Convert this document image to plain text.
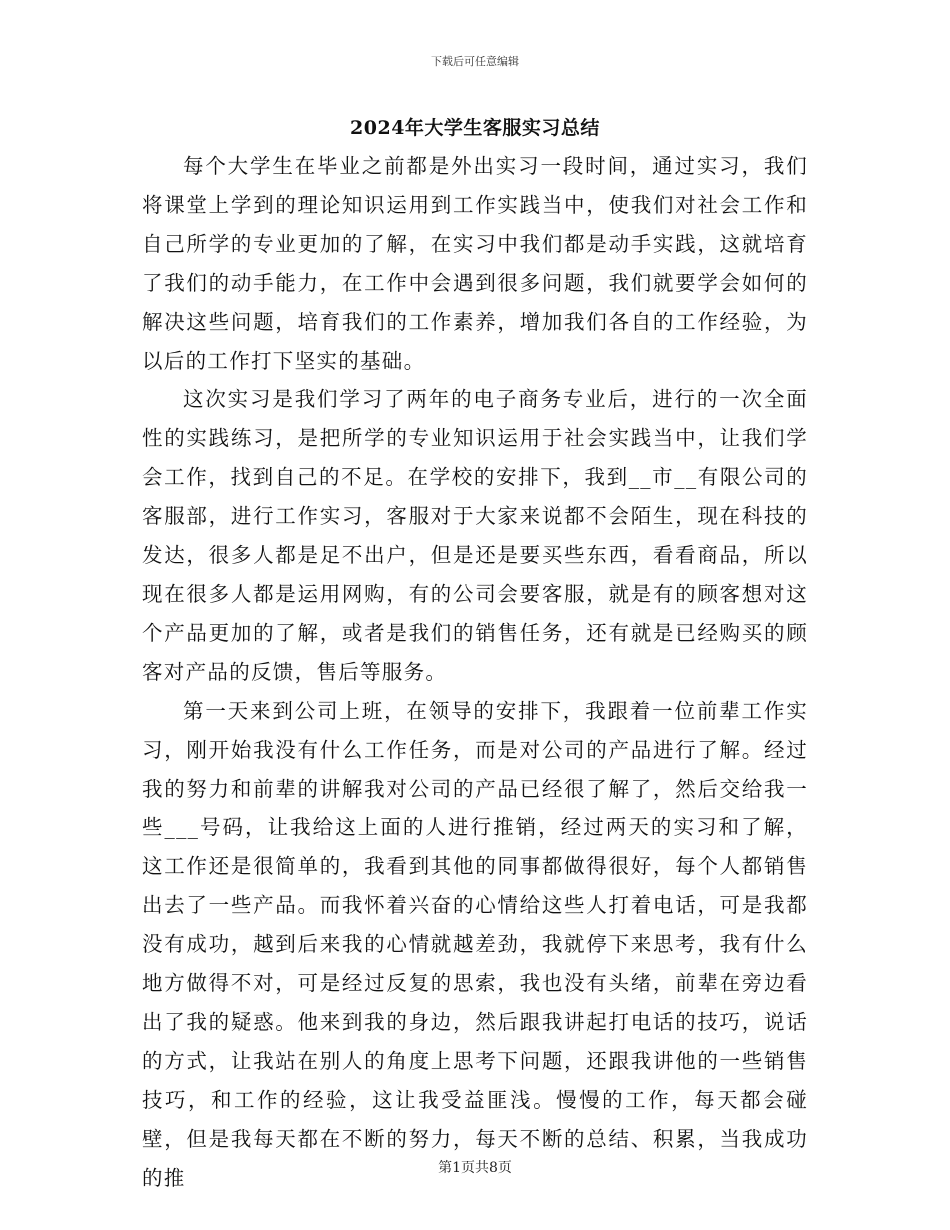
下载后可任意编辑
2024年大学生客服实习总结

每个大学生在毕业之前都是外出实习一段时间，通过实习，我们将课堂上学到的理论知识运用到工作实践当中，使我们对社会工作和自己所学的专业更加的了解，在实习中我们都是动手实践，这就培育了我们的动手能力，在工作中会遇到很多问题，我们就要学会如何的解决这些问题，培育我们的工作素养，增加我们各自的工作经验，为以后的工作打下坚实的基础。

这次实习是我们学习了两年的电子商务专业后，进行的一次全面性的实践练习，是把所学的专业知识运用于社会实践当中，让我们学会工作，找到自己的不足。在学校的安排下，我到__市__有限公司的客服部，进行工作实习，客服对于大家来说都不会陌生，现在科技的发达，很多人都是足不出户，但是还是要买些东西，看看商品，所以现在很多人都是运用网购，有的公司会要客服，就是有的顾客想对这个产品更加的了解，或者是我们的销售任务，还有就是已经购买的顾客对产品的反馈，售后等服务。

第一天来到公司上班，在领导的安排下，我跟着一位前辈工作实习，刚开始我没有什么工作任务，而是对公司的产品进行了解。经过我的努力和前辈的讲解我对公司的产品已经很了解了，然后交给我一些___号码，让我给这上面的人进行推销，经过两天的实习和了解，这工作还是很简单的，我看到其他的同事都做得很好，每个人都销售出去了一些产品。而我怀着兴奋的心情给这些人打着电话，可是我都没有成功，越到后来我的心情就越差劲，我就停下来思考，我有什么地方做得不对，可是经过反复的思索，我也没有头绪，前辈在旁边看出了我的疑惑。他来到我的身边，然后跟我讲起打电话的技巧，说话的方式，让我站在别人的角度上思考下问题，还跟我讲他的一些销售技巧，和工作的经验，这让我受益匪浅。慢慢的工作，每天都会碰壁，但是我每天都在不断的努力，每天不断的总结、积累，当我成功的推	第1页共8页
